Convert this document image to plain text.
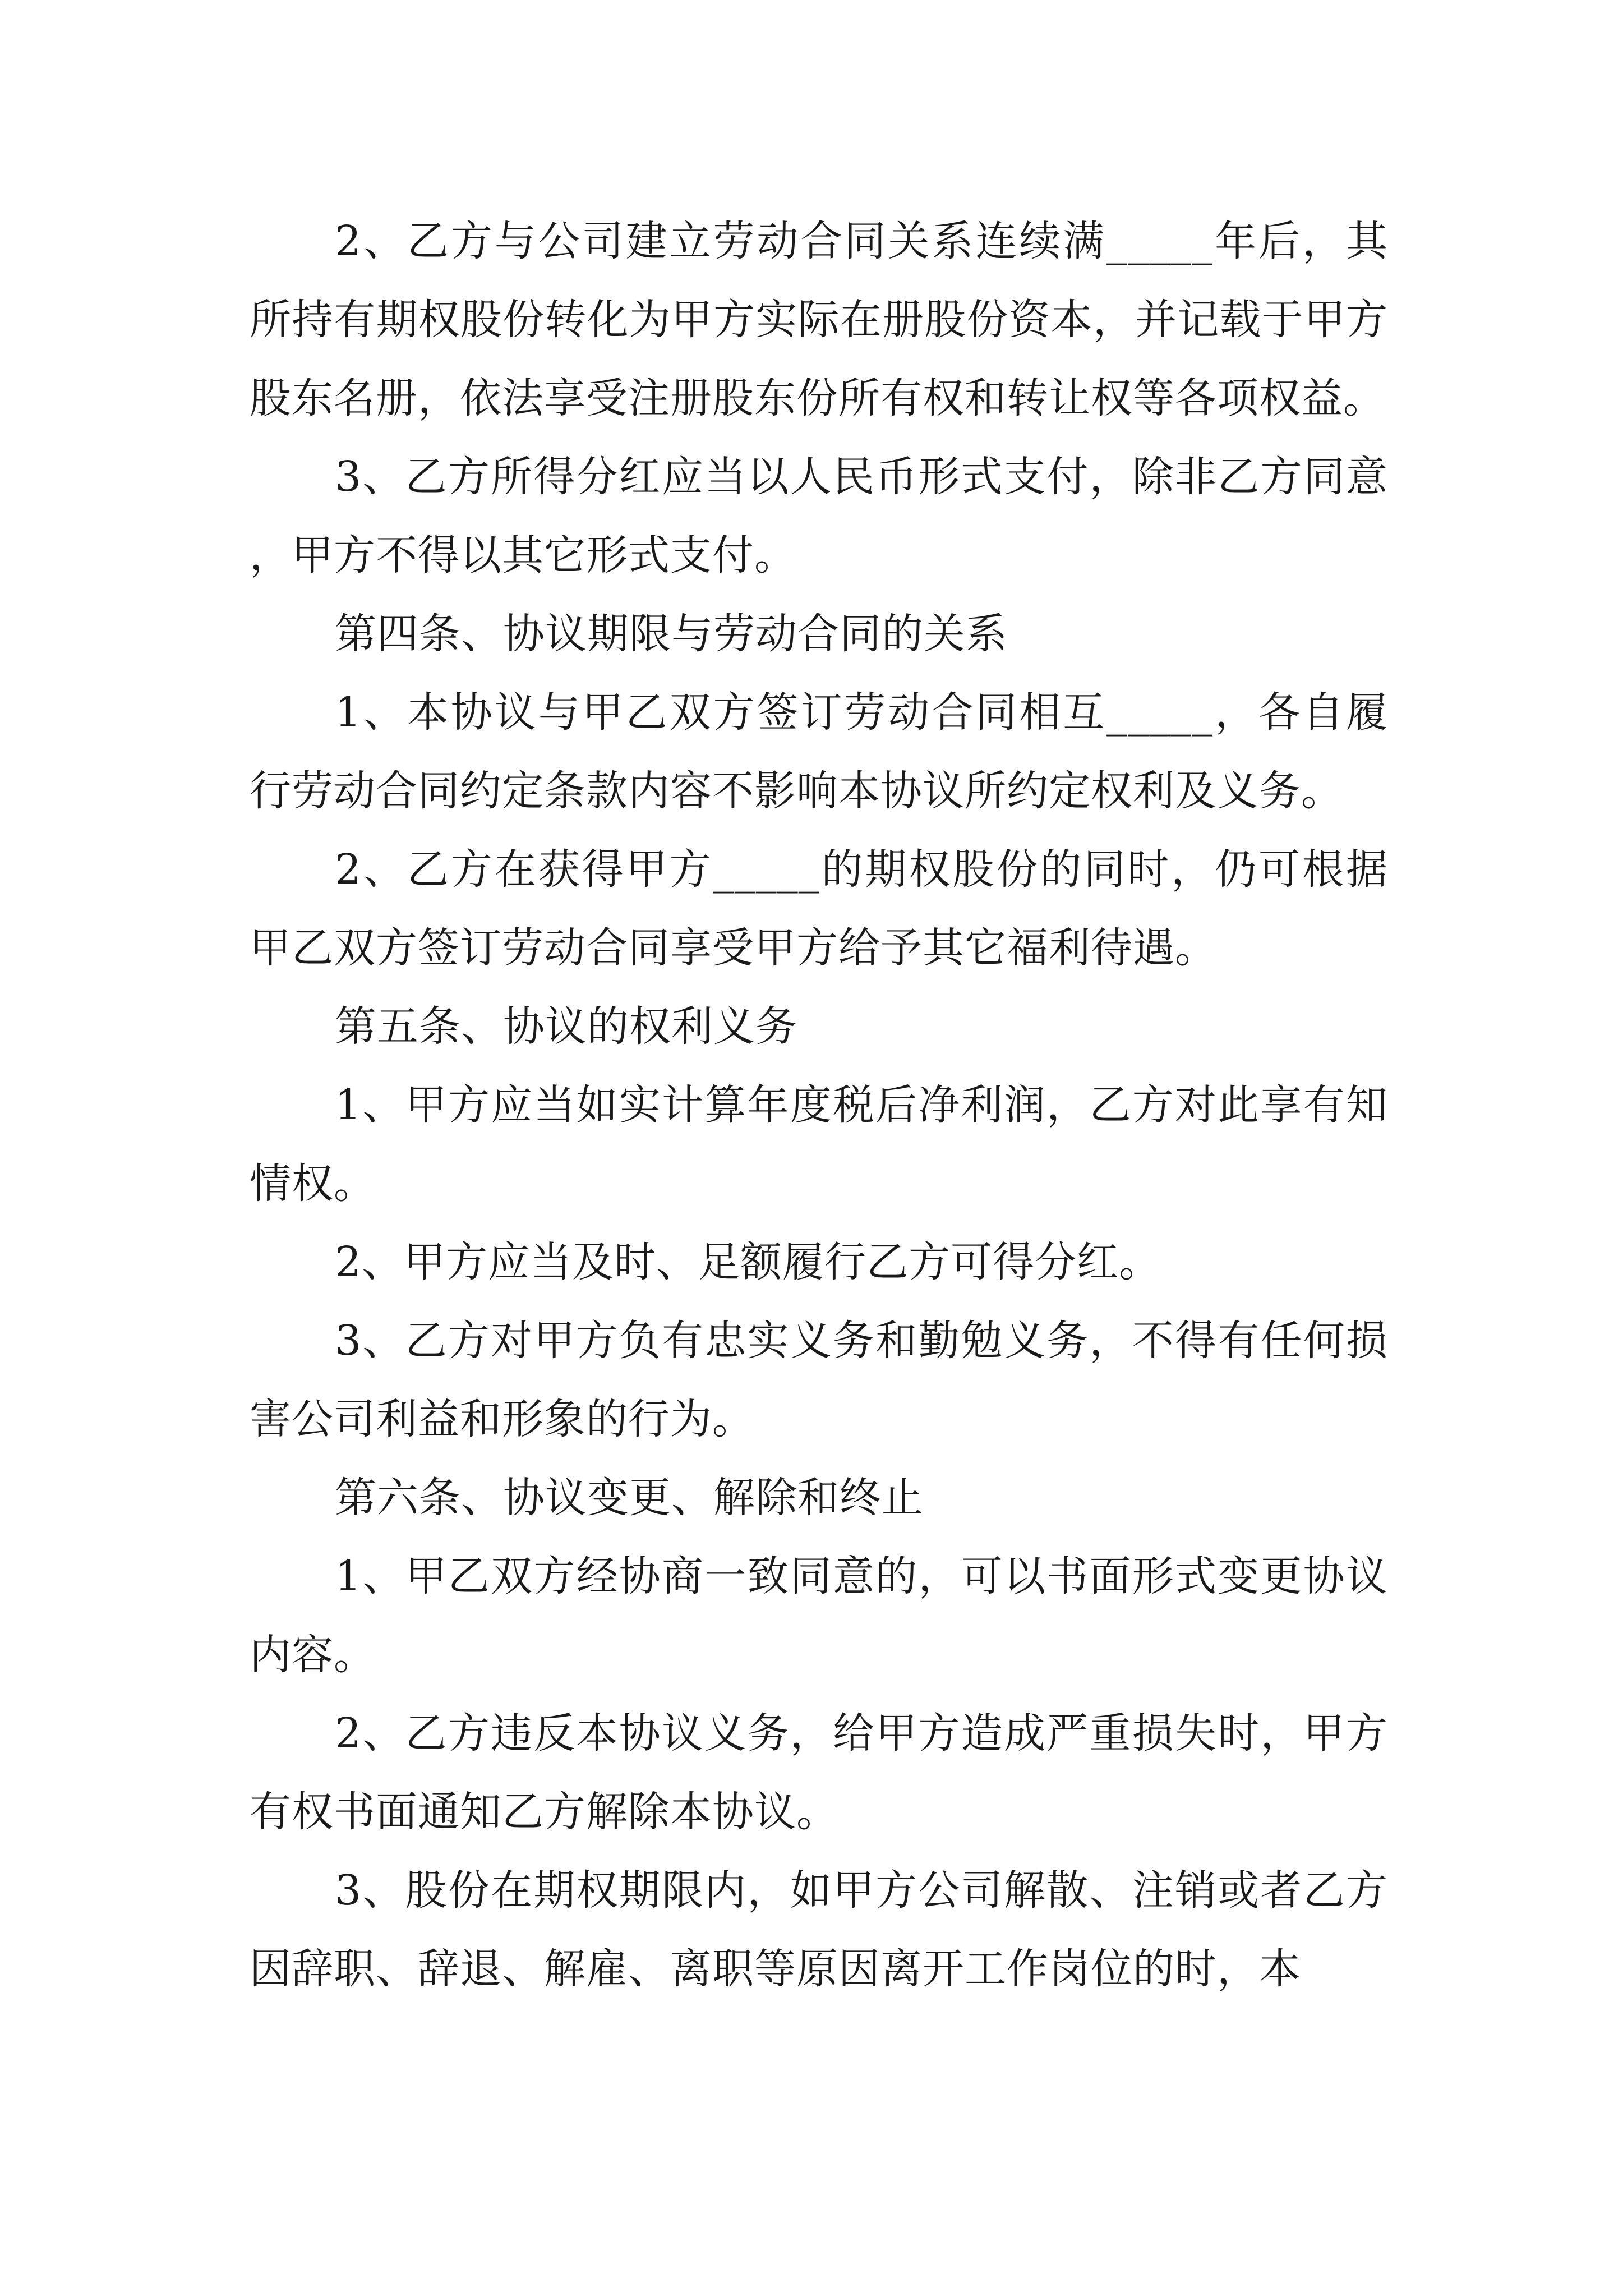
2、乙方与公司建立劳动合同关系连续满_____年后，其所持有期权股份转化为甲方实际在册股份资本，并记载于甲方股东名册，依法享受注册股东份所有权和转让权等各项权益。

3、乙方所得分红应当以人民币形式支付，除非乙方同意，甲方不得以其它形式支付。

第四条、协议期限与劳动合同的关系

1、本协议与甲乙双方签订劳动合同相互_____，各自履行劳动合同约定条款内容不影响本协议所约定权利及义务。

2、乙方在获得甲方_____的期权股份的同时，仍可根据甲乙双方签订劳动合同享受甲方给予其它福利待遇。

第五条、协议的权利义务

1、甲方应当如实计算年度税后净利润，乙方对此享有知情权。

2、甲方应当及时、足额履行乙方可得分红。

3、乙方对甲方负有忠实义务和勤勉义务，不得有任何损害公司利益和形象的行为。

第六条、协议变更、解除和终止

1、甲乙双方经协商一致同意的，可以书面形式变更协议内容。

2、乙方违反本协议义务，给甲方造成严重损失时，甲方有权书面通知乙方解除本协议。

3、股份在期权期限内，如甲方公司解散、注销或者乙方因辞职、辞退、解雇、离职等原因离开工作岗位的时，本
